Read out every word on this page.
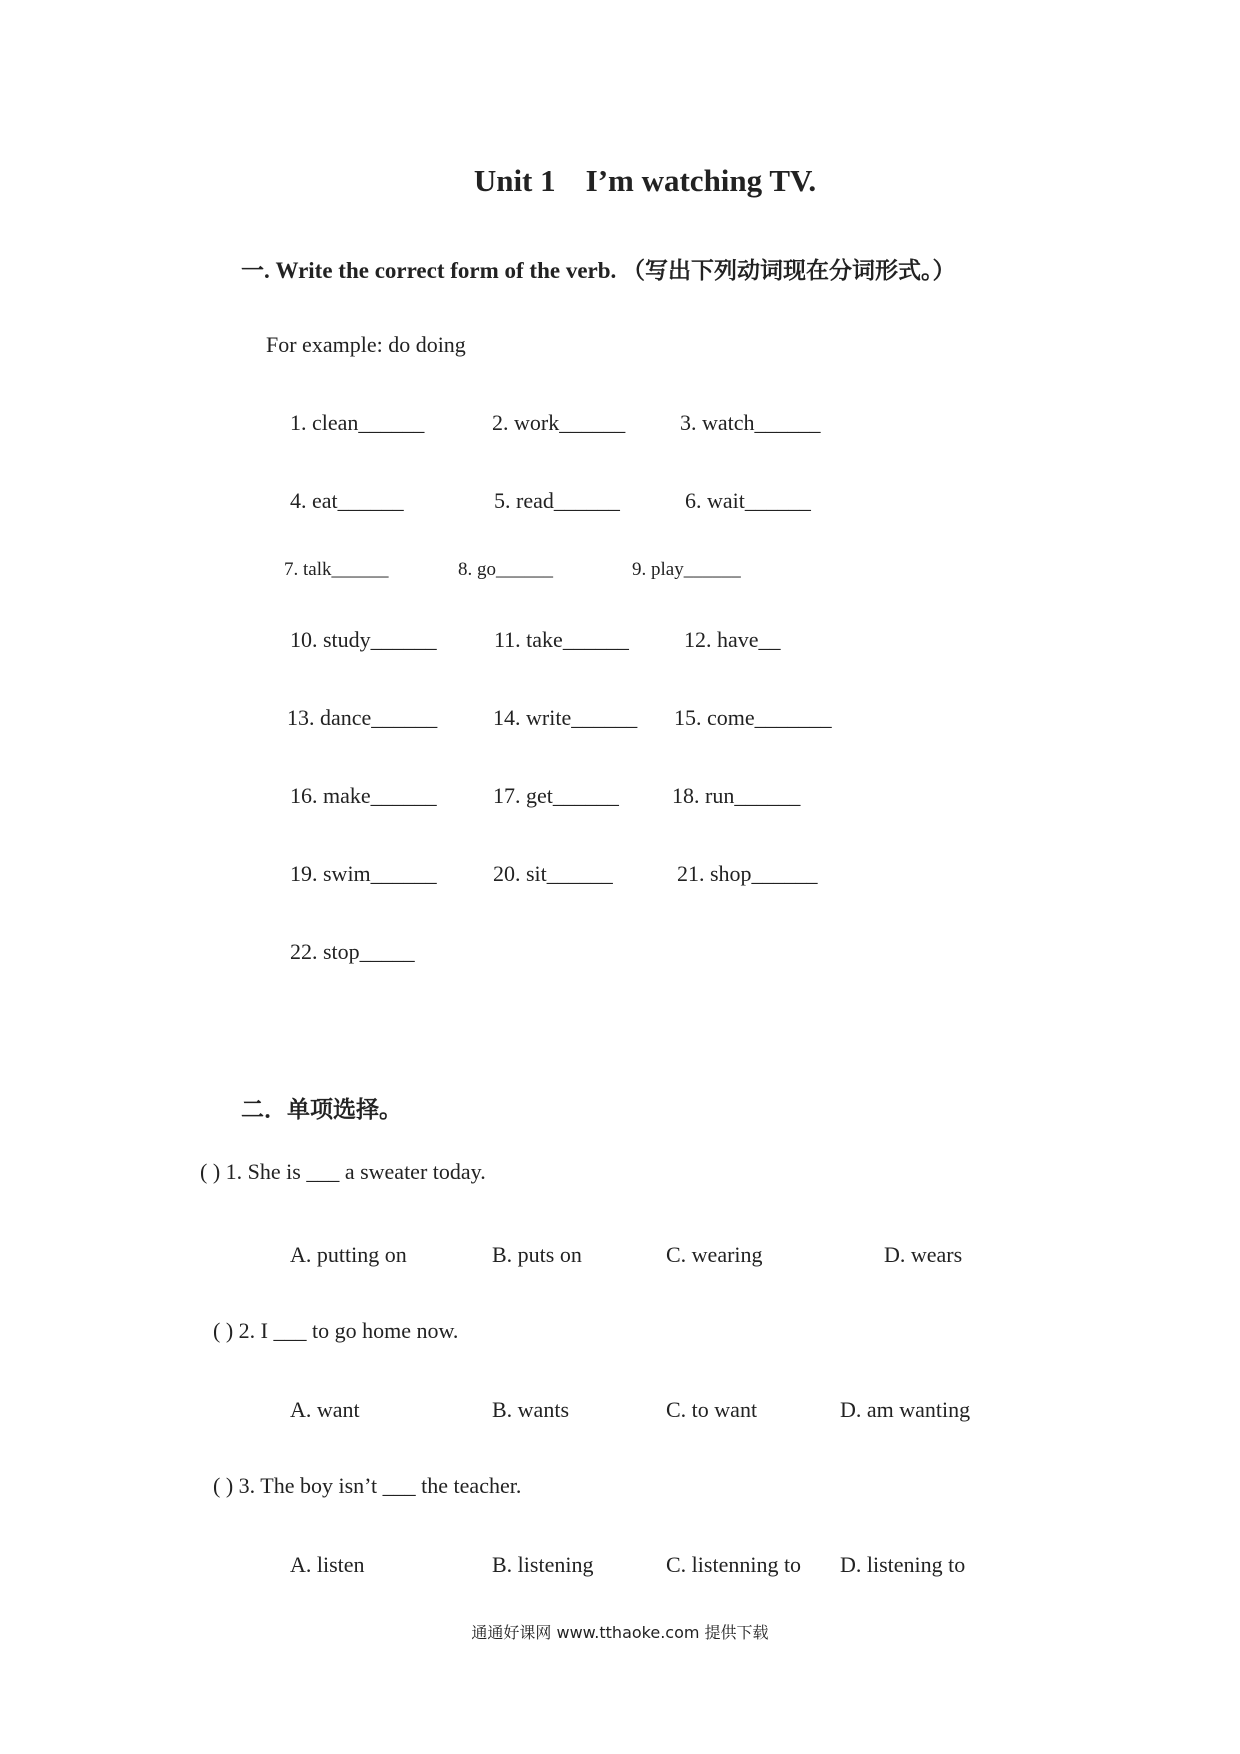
Unit 1 I’m watching TV.
一. Write the correct form of the verb. （写出下列动词现在分词形式。）
For example: do doing
1. clean______	2. work______ 3. watch______
4. eat______	5. read______	6. wait______
7. talk______	8. go______	9. play______
10. study______	11. take______	12. have__
13. dance______	14. write______ 15. come_______
16. make______	17. get______ 18. run______
19. swim______	20. sit______	21. shop______
22. stop_____
二．单项选择。
( ) 1. She is ___ a sweater today.
A. putting on	B. puts on	C. wearing	D. wears
( ) 2. I ___ to go home now.
A. want	B. wants	C. to want	D. am wanting
( ) 3. The boy isn’t ___ the teacher.
A. listen	B. listening	C. listenning to D. listening to
通通好课网 www.tthaoke.com 提供下载
